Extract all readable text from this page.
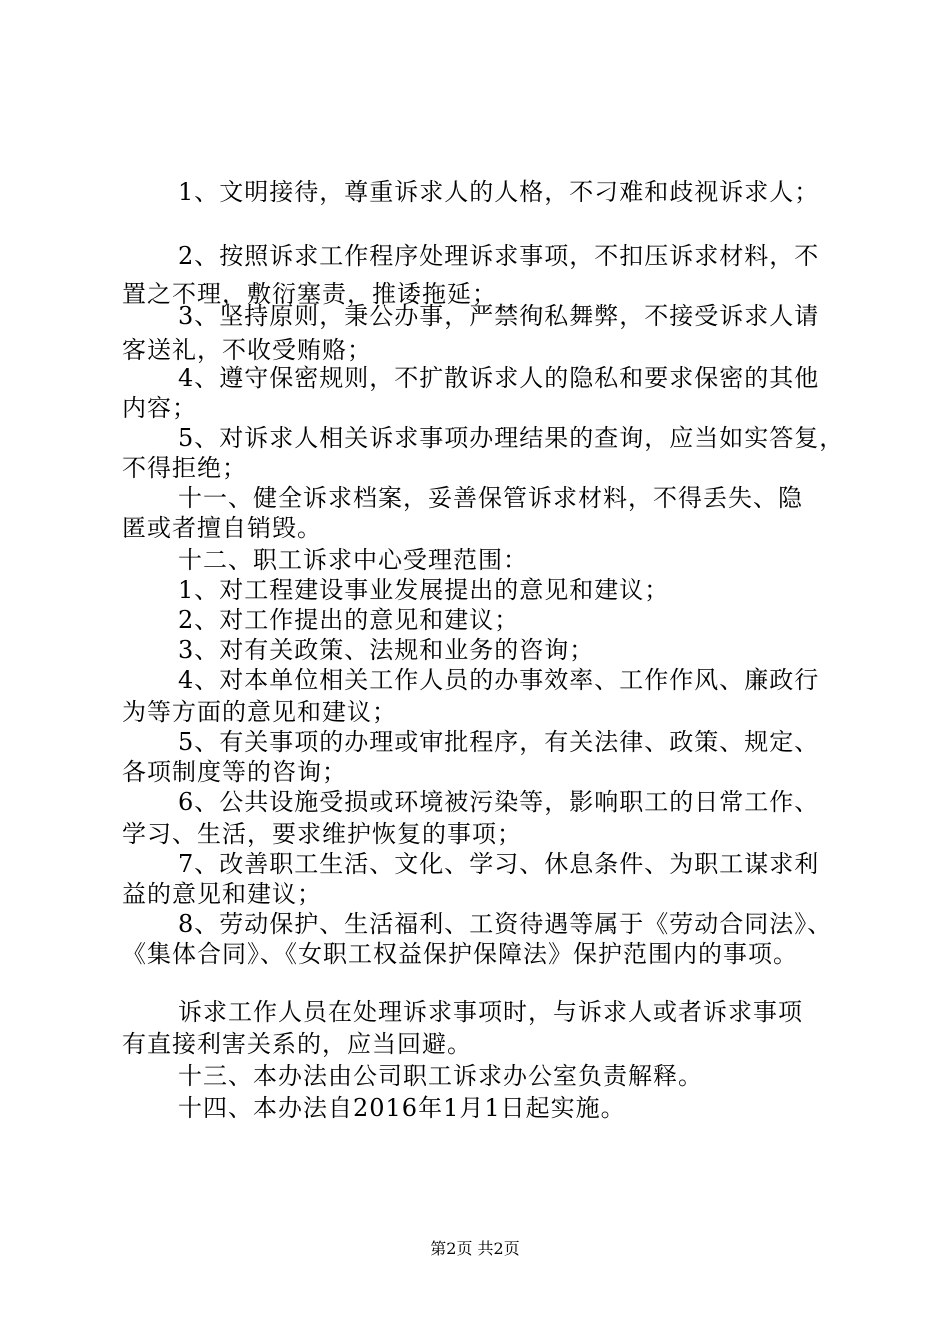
1、文明接待，尊重诉求人的人格，不刁难和歧视诉求人；
2、按照诉求工作程序处理诉求事项，不扣压诉求材料，不
置之不理，敷衍塞责，推诿拖延；
3、坚持原则，秉公办事，严禁徇私舞弊，不接受诉求人请
客送礼，不收受贿赂；
4、遵守保密规则，不扩散诉求人的隐私和要求保密的其他
内容；
5、对诉求人相关诉求事项办理结果的查询，应当如实答复，
不得拒绝；
十一、健全诉求档案，妥善保管诉求材料，不得丢失、隐
匿或者擅自销毁。
十二、职工诉求中心受理范围：
1、对工程建设事业发展提出的意见和建议；
2、对工作提出的意见和建议；
3、对有关政策、法规和业务的咨询；
4、对本单位相关工作人员的办事效率、工作作风、廉政行
为等方面的意见和建议；
5、有关事项的办理或审批程序，有关法律、政策、规定、
各项制度等的咨询；
6、公共设施受损或环境被污染等，影响职工的日常工作、
学习、生活，要求维护恢复的事项；
7、改善职工生活、文化、学习、休息条件、为职工谋求利
益的意见和建议；
8、劳动保护、生活福利、工资待遇等属于《劳动合同法》、
《集体合同》、《女职工权益保护保障法》保护范围内的事项。
诉求工作人员在处理诉求事项时，与诉求人或者诉求事项
有直接利害关系的，应当回避。
十三、本办法由公司职工诉求办公室负责解释。
十四、本办法自2016年1月1日起实施。
第2页 共2页
